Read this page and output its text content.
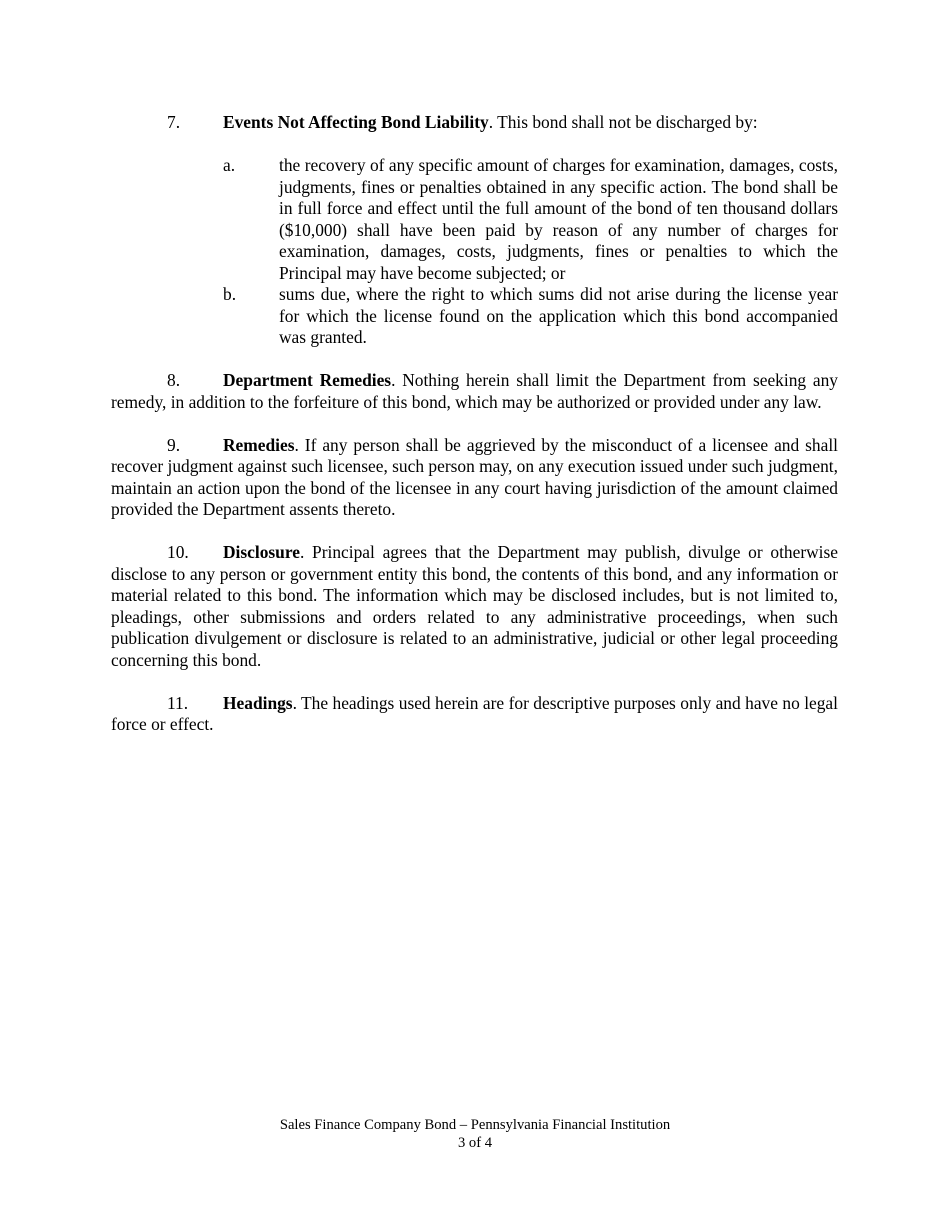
7. Events Not Affecting Bond Liability. This bond shall not be discharged by:
a.	the recovery of any specific amount of charges for examination, damages, costs, judgments, fines or penalties obtained in any specific action. The bond shall be in full force and effect until the full amount of the bond of ten thousand dollars ($10,000) shall have been paid by reason of any number of charges for examination, damages, costs, judgments, fines or penalties to which the Principal may have become subjected; or
b. sums due, where the right to which sums did not arise during the license year for which the license found on the application which this bond accompanied was granted.
8. Department Remedies. Nothing herein shall limit the Department from seeking any remedy, in addition to the forfeiture of this bond, which may be authorized or provided under any law.
9. Remedies. If any person shall be aggrieved by the misconduct of a licensee and shall recover judgment against such licensee, such person may, on any execution issued under such judgment, maintain an action upon the bond of the licensee in any court having jurisdiction of the amount claimed provided the Department assents thereto.
10. Disclosure. Principal agrees that the Department may publish, divulge or otherwise disclose to any person or government entity this bond, the contents of this bond, and any information or material related to this bond. The information which may be disclosed includes, but is not limited to, pleadings, other submissions and orders related to any administrative proceedings, when such publication divulgement or disclosure is related to an administrative, judicial or other legal proceeding concerning this bond.
11. Headings. The headings used herein are for descriptive purposes only and have no legal force or effect.
Sales Finance Company Bond – Pennsylvania Financial Institution
3 of 4
